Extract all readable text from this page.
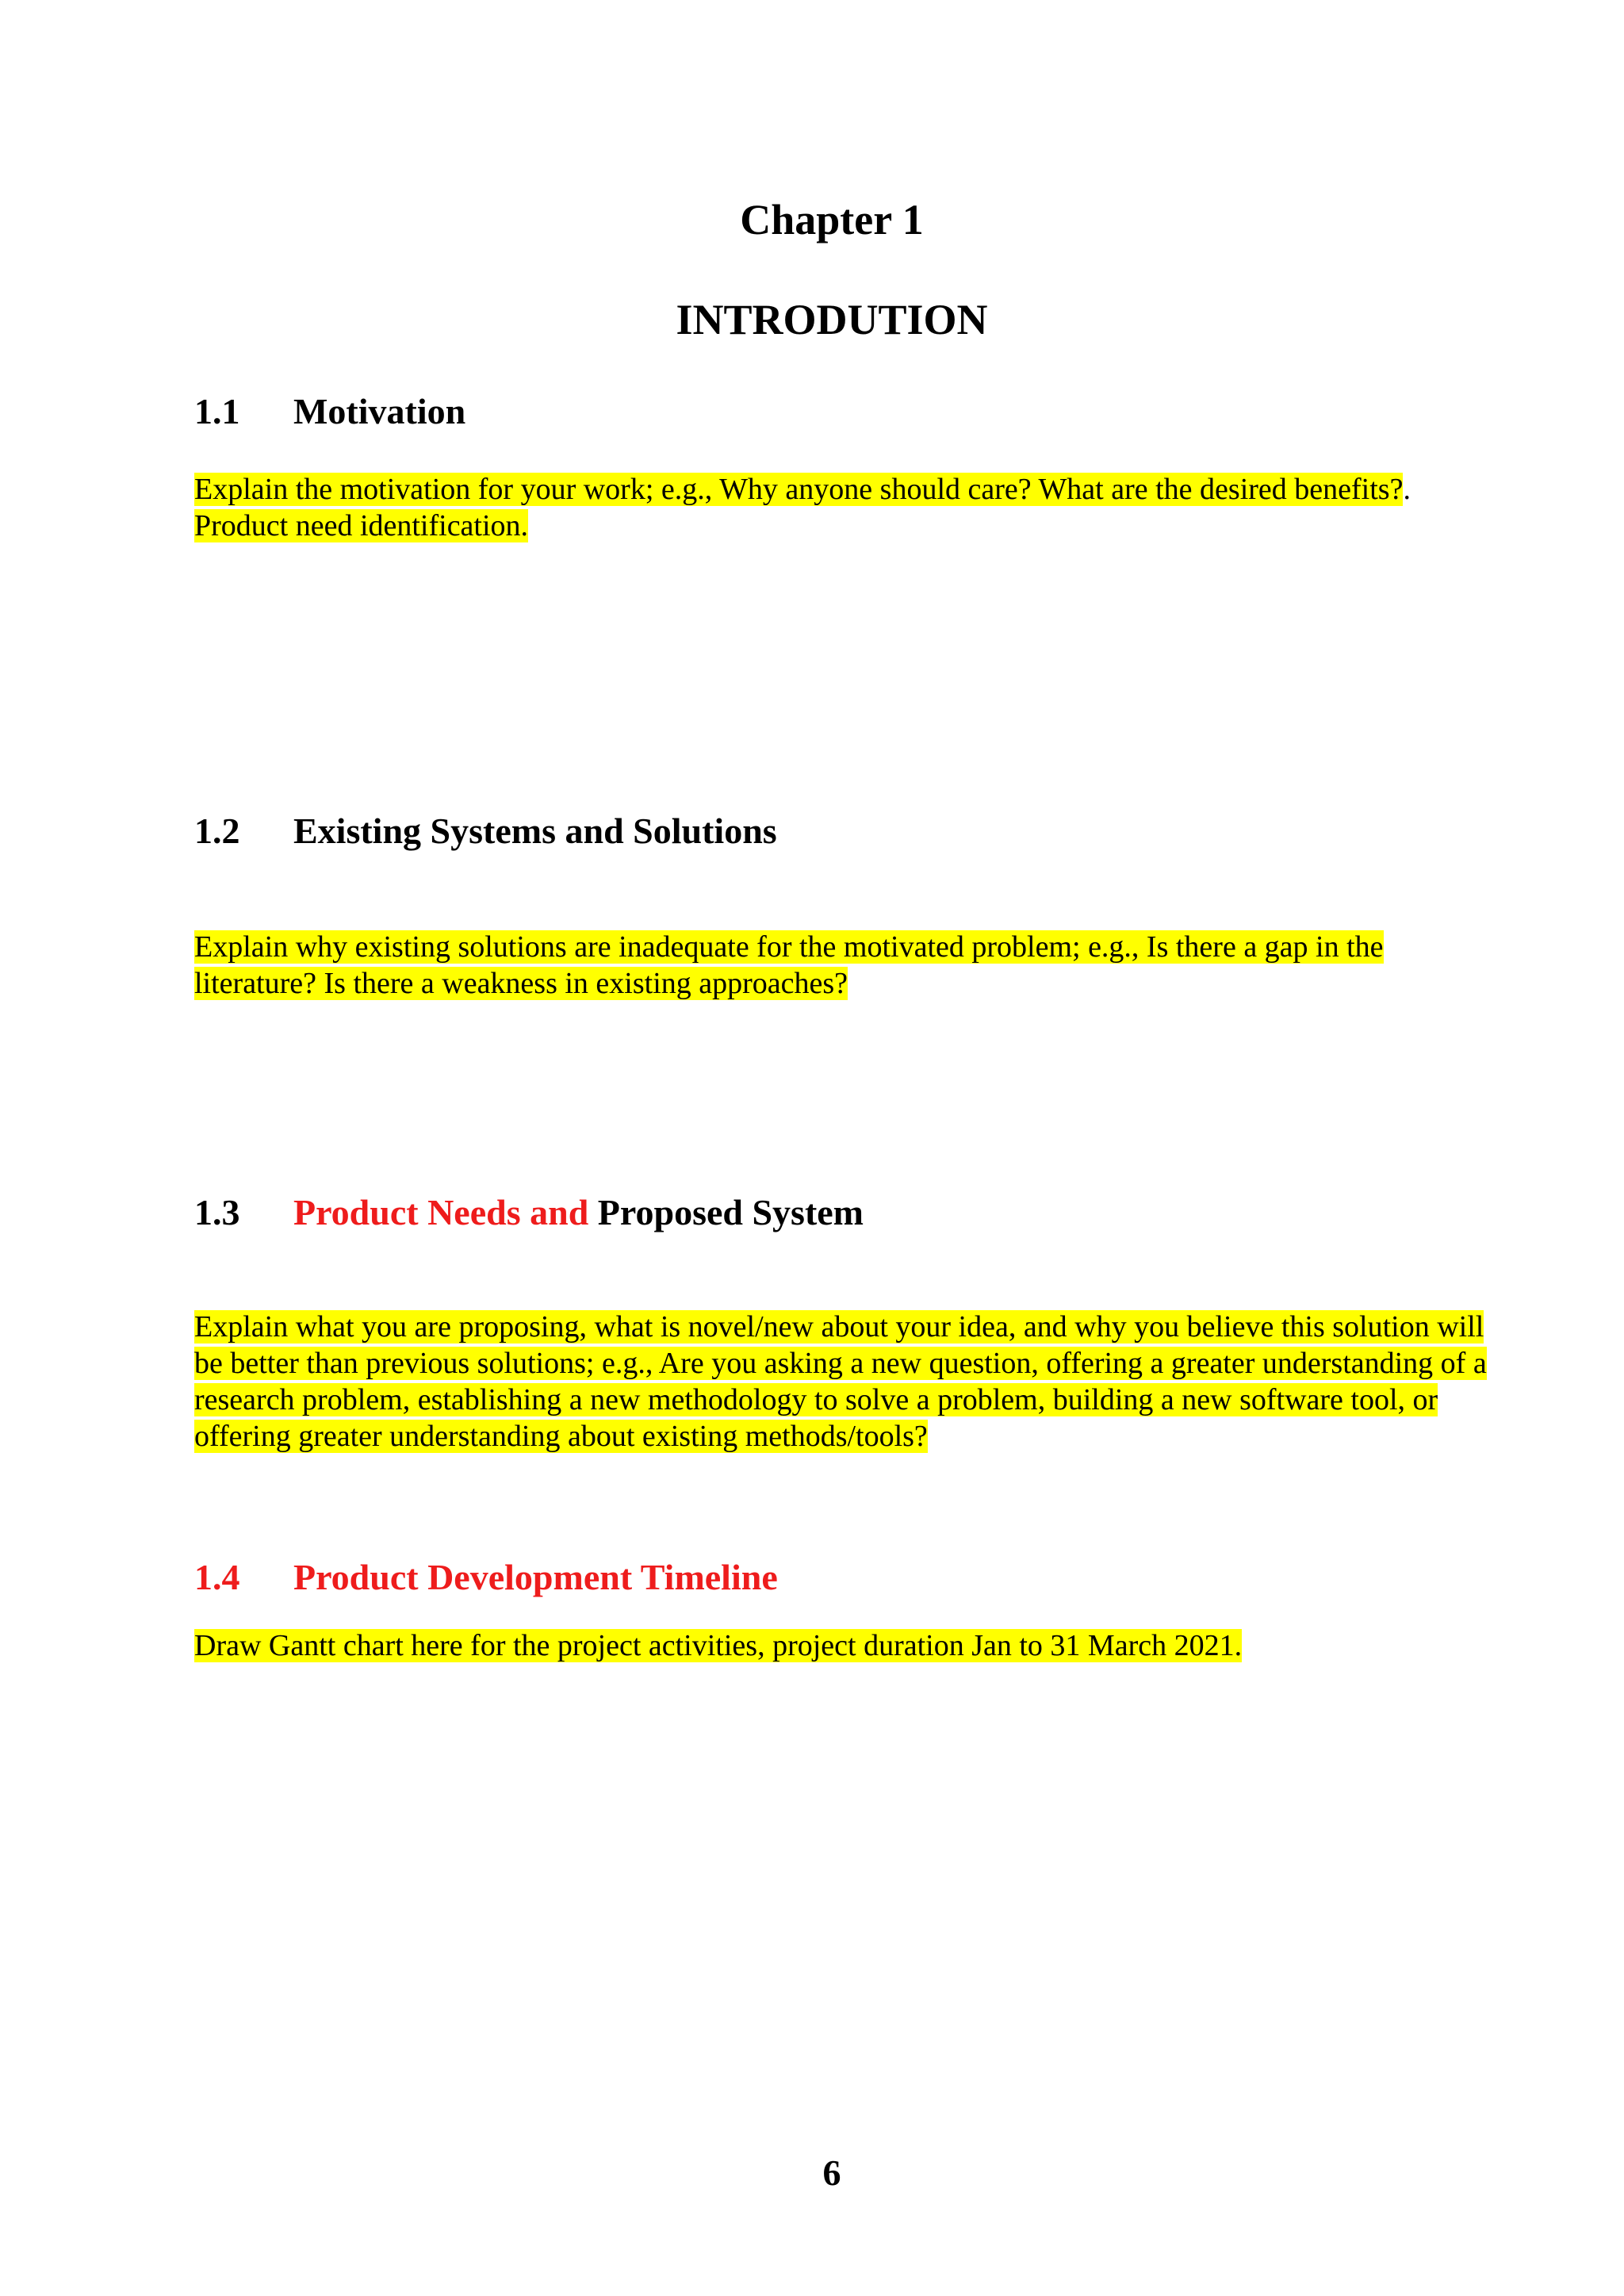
Chapter 1
INTRODUTION
1.1 Motivation

Explain the motivation for your work; e.g., Why anyone should care? What are the desired benefits?.
Product need identification.

1.2 Existing Systems and Solutions

Explain why existing solutions are inadequate for the motivated problem; e.g., Is there a gap in the literature? Is there a weakness in existing approaches?

1.3 Product Needs and Proposed System

Explain what you are proposing, what is novel/new about your idea, and why you believe this solution will be better than previous solutions; e.g., Are you asking a new question, offering a greater understanding of a research problem, establishing a new methodology to solve a problem, building a new software tool, or offering greater understanding about existing methods/tools?

1.4 Product Development Timeline

Draw Gantt chart here for the project activities, project duration Jan to 31 March 2021.

6
